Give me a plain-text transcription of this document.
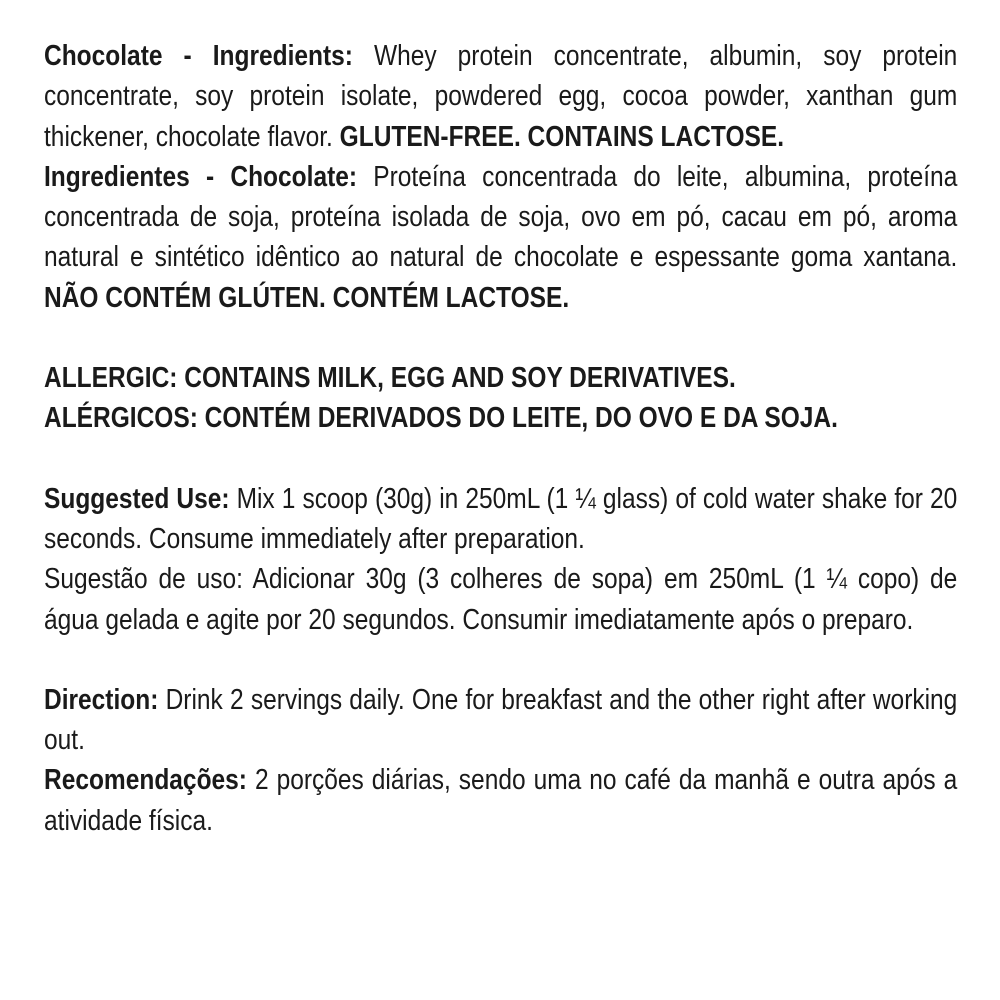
Chocolate - Ingredients: Whey protein concentrate, albumin, soy protein concentrate, soy protein isolate, powdered egg, cocoa powder, xanthan gum thickener, chocolate flavor. GLUTEN-FREE. CONTAINS LACTOSE.

Ingredientes - Chocolate: Proteína concentrada do leite, albumina, proteína concentrada de soja, proteína isolada de soja, ovo em pó, cacau em pó, aroma natural e sintético idêntico ao natural de chocolate e espessante goma xantana. NÃO CONTÉM GLÚTEN. CONTÉM LACTOSE.

ALLERGIC: CONTAINS MILK, EGG AND SOY DERIVATIVES.

ALÉRGICOS: CONTÉM DERIVADOS DO LEITE, DO OVO E DA SOJA.

Suggested Use: Mix 1 scoop (30g) in 250mL (1 ¼ glass) of cold water shake for 20 seconds. Consume immediately after preparation.

Sugestão de uso: Adicionar 30g (3 colheres de sopa) em 250mL (1 ¼ copo) de água gelada e agite por 20 segundos. Consumir imediatamente após o preparo.

Direction: Drink 2 servings daily. One for breakfast and the other right after working out.

Recomendações: 2 porções diárias, sendo uma no café da manhã e outra após a atividade física.
